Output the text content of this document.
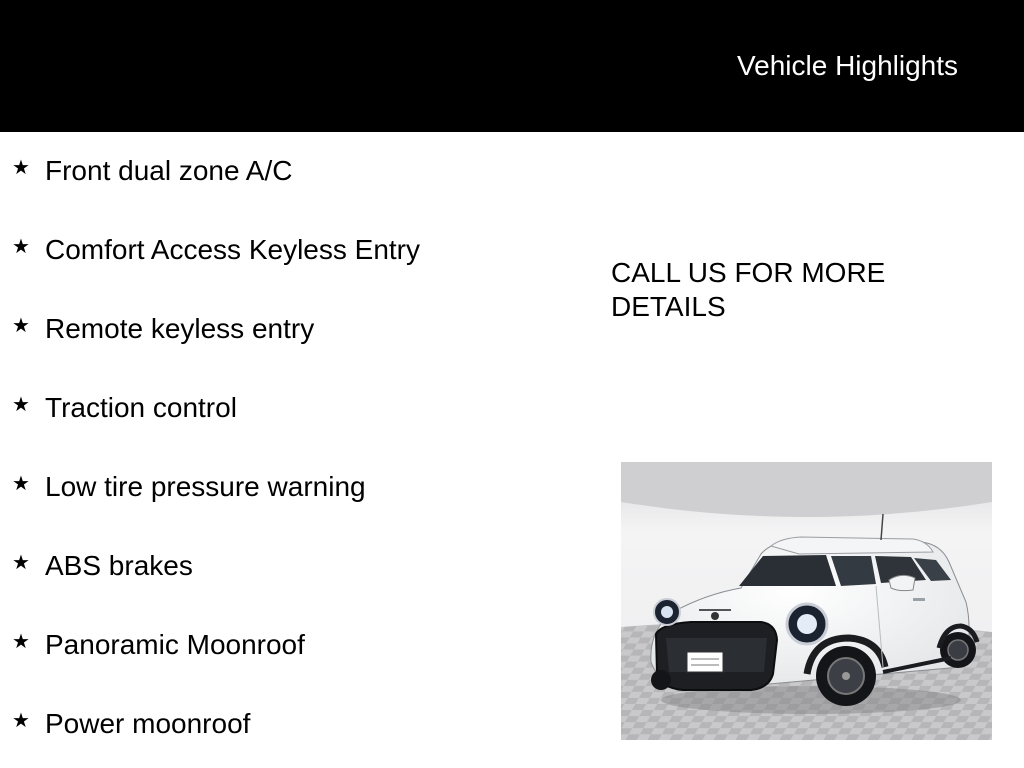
Vehicle Highlights
★ Front dual zone A/C
★ Comfort Access Keyless Entry
★ Remote keyless entry
★ Traction control
★ Low tire pressure warning
★ ABS brakes
★ Panoramic Moonroof
★ Power moonroof
CALL US FOR MORE
DETAILS
